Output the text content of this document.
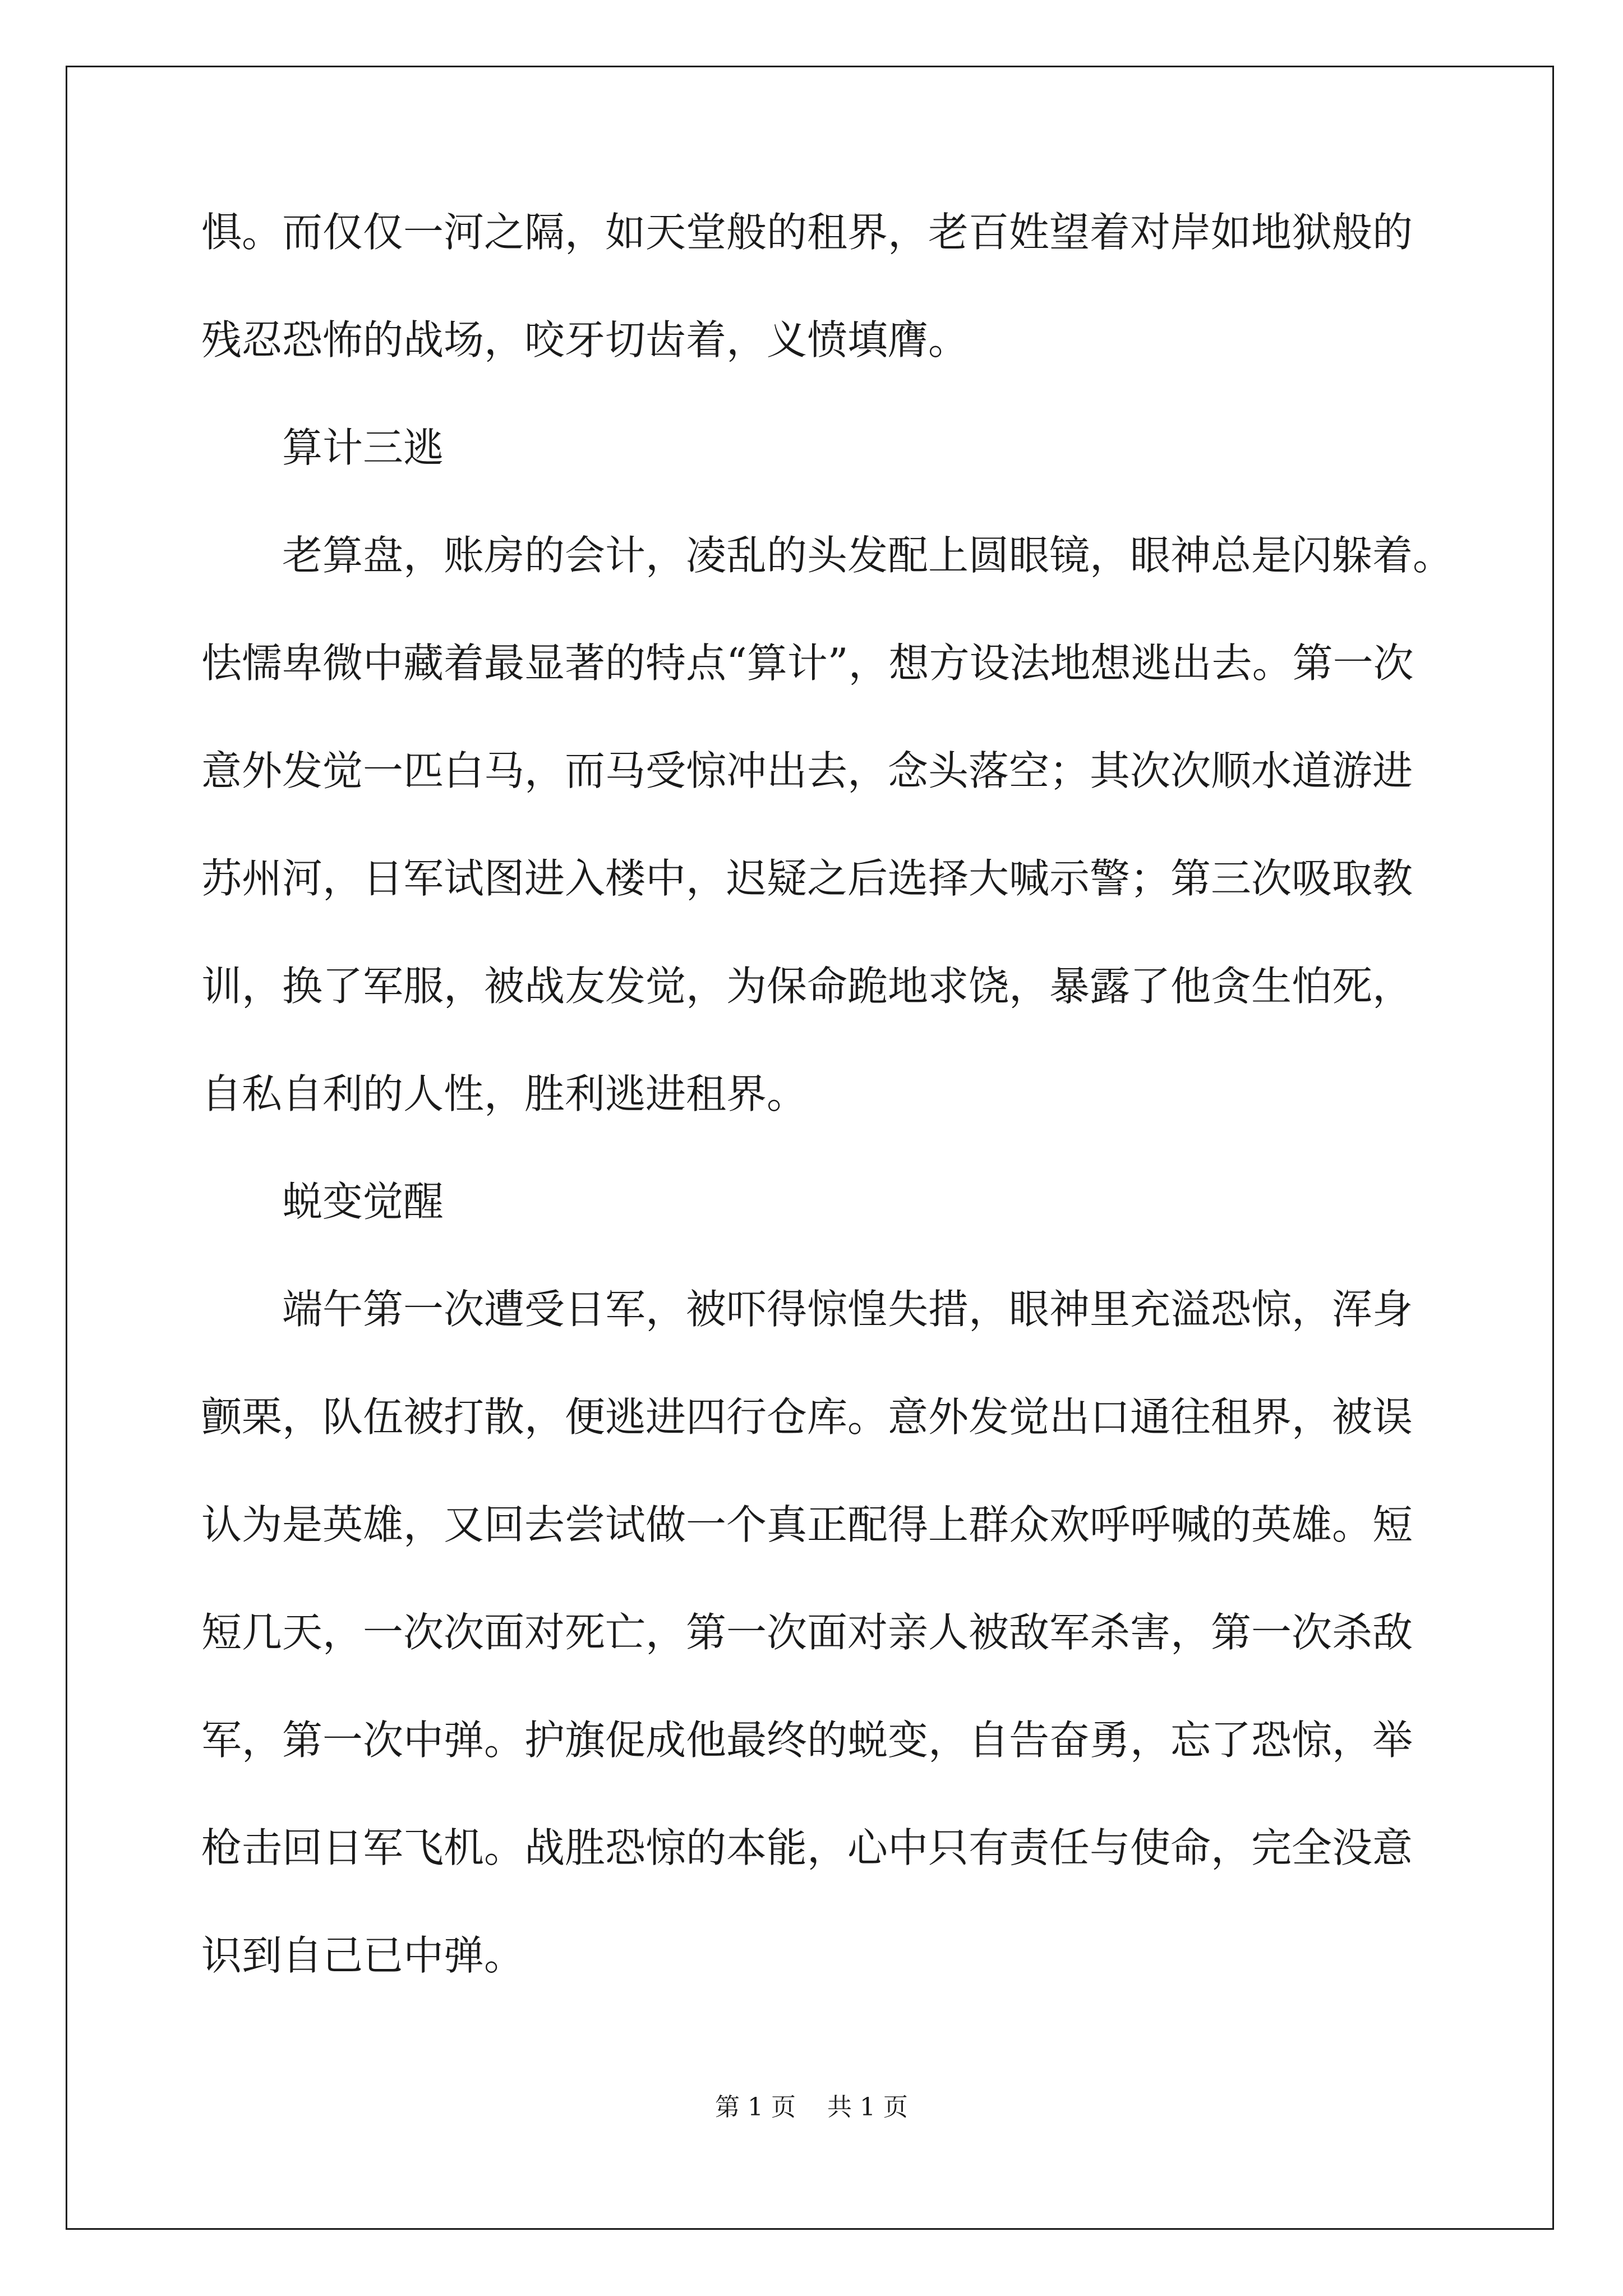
惧。而仅仅一河之隔，如天堂般的租界，老百姓望着对岸如地狱般的
残忍恐怖的战场，咬牙切齿着，义愤填膺。
算计三逃
老算盘，账房的会计，凌乱的头发配上圆眼镜，眼神总是闪躲着。
怯懦卑微中藏着最显著的特点“算计”，想方设法地想逃出去。第一次
意外发觉一匹白马，而马受惊冲出去，念头落空；其次次顺水道游进
苏州河，日军试图进入楼中，迟疑之后选择大喊示警；第三次吸取教
训，换了军服，被战友发觉，为保命跪地求饶，暴露了他贪生怕死，
自私自利的人性，胜利逃进租界。
蜕变觉醒
端午第一次遭受日军，被吓得惊惶失措，眼神里充溢恐惊，浑身
颤栗，队伍被打散，便逃进四行仓库。意外发觉出口通往租界，被误
认为是英雄，又回去尝试做一个真正配得上群众欢呼呼喊的英雄。短
短几天，一次次面对死亡，第一次面对亲人被敌军杀害，第一次杀敌
军，第一次中弹。护旗促成他最终的蜕变，自告奋勇，忘了恐惊，举
枪击回日军飞机。战胜恐惊的本能，心中只有责任与使命，完全没意
识到自己已中弹。
第 1 页    共 1 页
